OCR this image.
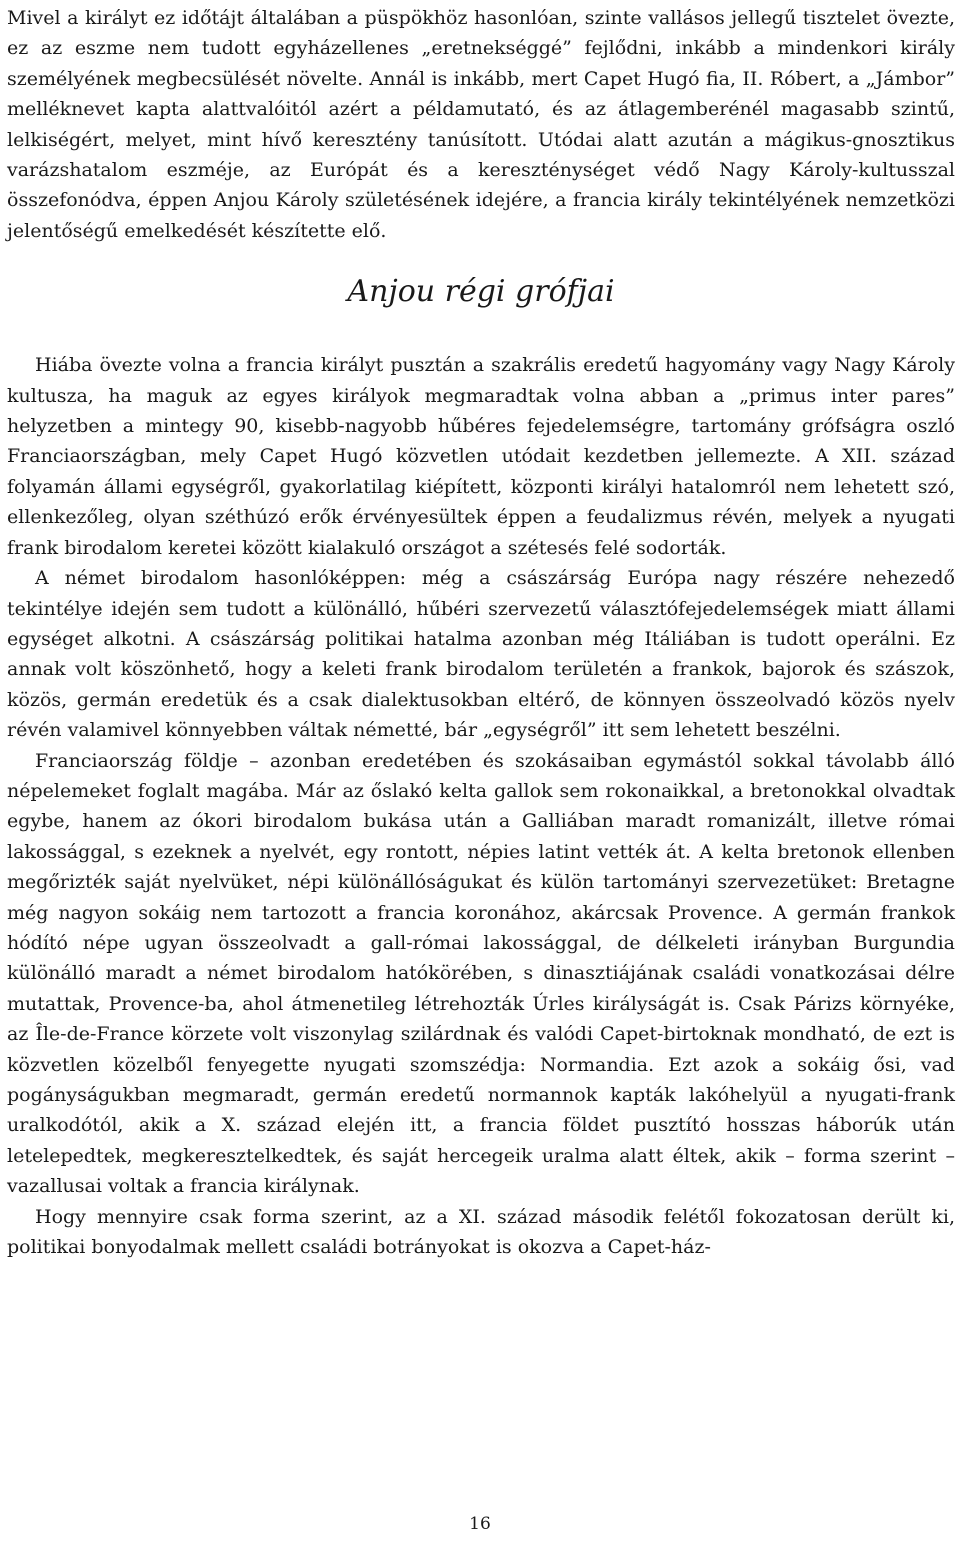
Mivel a királyt ez időtájt általában a püspökhöz hasonlóan, szinte vallásos jellegű tisztelet övezte, ez az eszme nem tudott egyházellenes „eretnekséggé” fejlődni, inkább a mindenkori király személyének megbecsülését növelte. Annál is inkább, mert Capet Hugó fia, II. Róbert, a „Jámbor” melléknevet kapta alattvalóitól azért a példamutató, és az átlagemberénél magasabb szintű, lelkiségért, melyet, mint hívő keresztény tanúsított. Utódai alatt azután a mágikus-gnosztikus varázshatalom eszméje, az Európát és a kereszténységet védő Nagy Károly-kultusszal összefonódva, éppen Anjou Károly születésének idejére, a francia király tekintélyének nemzetközi jelentőségű emelkedését készítette elő.

Anjou régi grófjai

Hiába övezte volna a francia királyt pusztán a szakrális eredetű hagyomány vagy Nagy Károly kultusza, ha maguk az egyes királyok megmaradtak volna abban a „primus inter pares” helyzetben a mintegy 90, kisebb-nagyobb hűbéres fejedelemségre, tartomány grófságra oszló Franciaországban, mely Capet Hugó közvetlen utódait kezdetben jellemezte. A XII. század folyamán állami egységről, gyakorlatilag kiépített, központi királyi hatalomról nem lehetett szó, ellenkezőleg, olyan széthúzó erők érvényesültek éppen a feudalizmus révén, melyek a nyugati frank birodalom keretei között kialakuló országot a szétesés felé sodorták.

A német birodalom hasonlóképpen: még a császárság Európa nagy részére nehezedő tekintélye idején sem tudott a különálló, hűbéri szervezetű választófejedelemségek miatt állami egységet alkotni. A császárság politikai hatalma azonban még Itáliában is tudott operálni. Ez annak volt köszönhető, hogy a keleti frank birodalom területén a frankok, bajorok és szászok, közös, germán eredetük és a csak dialektusokban eltérő, de könnyen összeolvadó közös nyelv révén valamivel könnyebben váltak németté, bár „egységről” itt sem lehetett beszélni.

Franciaország földje – azonban eredetében és szokásaiban egymástól sokkal távolabb álló népelemeket foglalt magába. Már az őslakó kelta gallok sem rokonaikkal, a bretonokkal olvadtak egybe, hanem az ókori birodalom bukása után a Galliában maradt romanizált, illetve római lakossággal, s ezeknek a nyelvét, egy rontott, népies latint vették át. A kelta bretonok ellenben megőrizték saját nyelvüket, népi különállóságukat és külön tartományi szervezetüket: Bretagne még nagyon sokáig nem tartozott a francia koronához, akárcsak Provence. A germán frankok hódító népe ugyan összeolvadt a gall-római lakossággal, de délkeleti irányban Burgundia különálló maradt a német birodalom hatókörében, s dinasztiájának családi vonatkozásai délre mutattak, Provence-ba, ahol átmenetileg létrehozták Úrles királyságát is. Csak Párizs környéke, az Île-de-France körzete volt viszonylag szilárdnak és valódi Capet-birtoknak mondható, de ezt is közvetlen közelből fenyegette nyugati szomszédja: Normandia. Ezt azok a sokáig ősi, vad pogányságukban megmaradt, germán eredetű normannok kapták lakóhelyül a nyugati-frank uralkodótól, akik a X. század elején itt, a francia földet pusztító hosszas háborúk után letelepedtek, megkeresztelkedtek, és saját hercegeik uralma alatt éltek, akik – forma szerint – vazallusai voltak a francia királynak.

Hogy mennyire csak forma szerint, az a XI. század második felétől fokozatosan derült ki, politikai bonyodalmak mellett családi botrányokat is okozva a Capet-ház-

16
